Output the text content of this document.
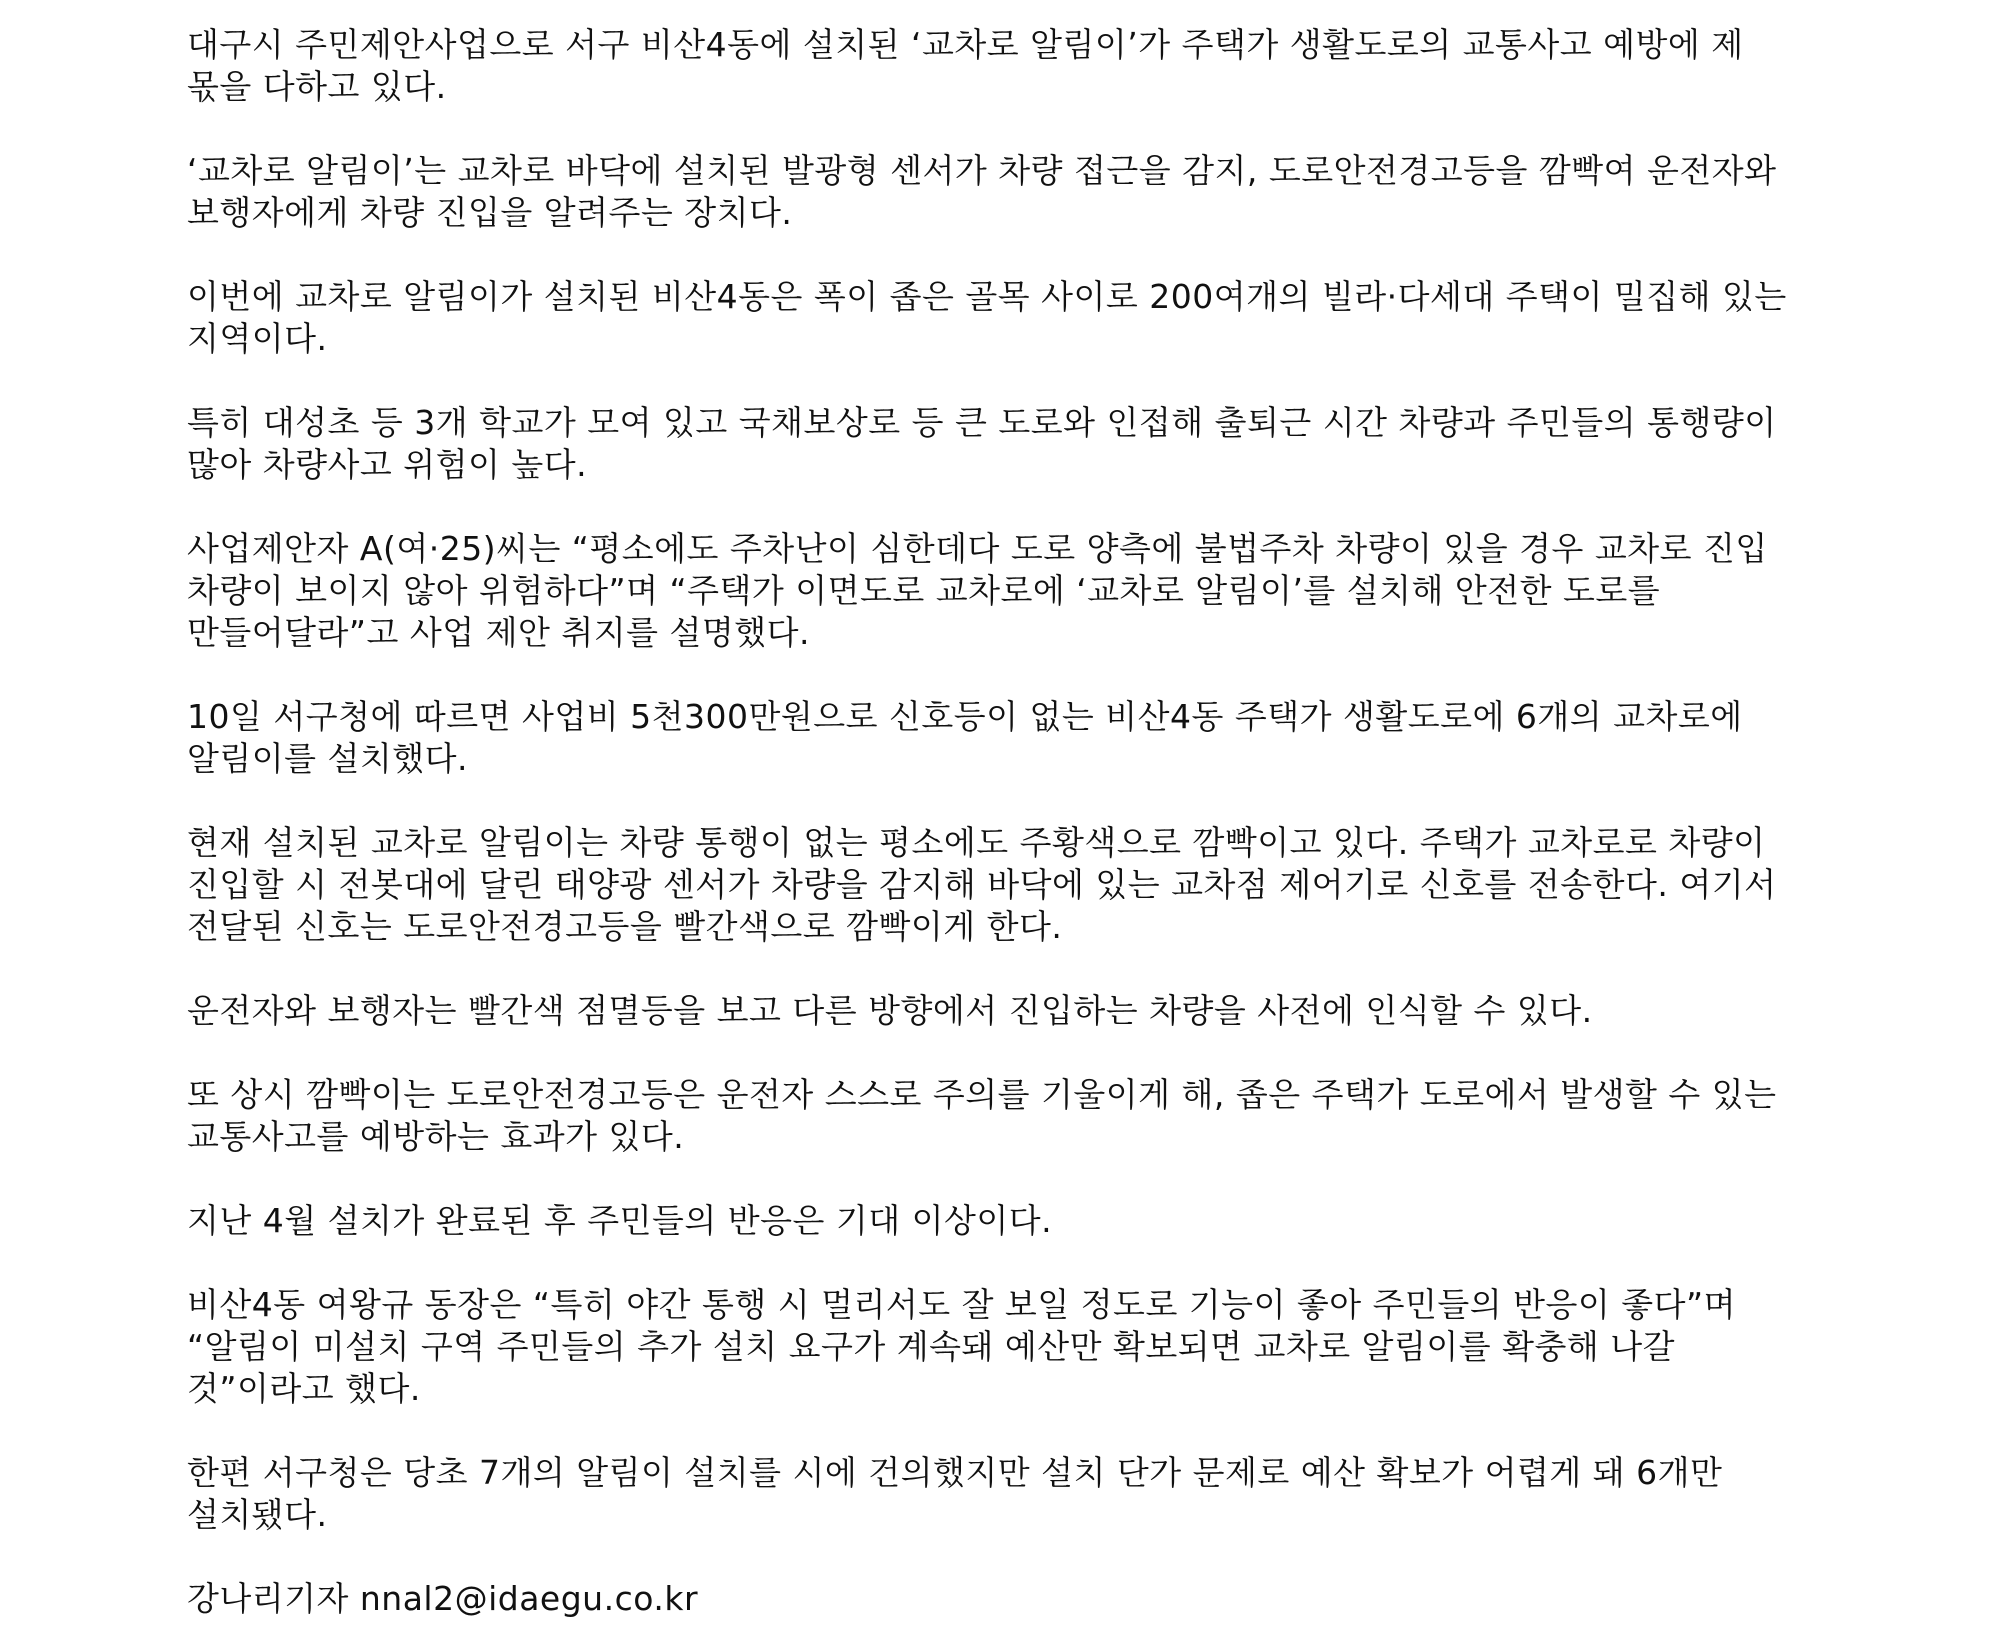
대구시 주민제안사업으로 서구 비산4동에 설치된 ‘교차로 알림이’가 주택가 생활도로의 교통사고 예방에 제 몫을 다하고 있다.

‘교차로 알림이’는 교차로 바닥에 설치된 발광형 센서가 차량 접근을 감지, 도로안전경고등을 깜빡여 운전자와 보행자에게 차량 진입을 알려주는 장치다.

이번에 교차로 알림이가 설치된 비산4동은 폭이 좁은 골목 사이로 200여개의 빌라·다세대 주택이 밀집해 있는 지역이다.

특히 대성초 등 3개 학교가 모여 있고 국채보상로 등 큰 도로와 인접해 출퇴근 시간 차량과 주민들의 통행량이 많아 차량사고 위험이 높다.

사업제안자 A(여·25)씨는 “평소에도 주차난이 심한데다 도로 양측에 불법주차 차량이 있을 경우 교차로 진입 차량이 보이지 않아 위험하다”며 “주택가 이면도로 교차로에 ‘교차로 알림이’를 설치해 안전한 도로를 만들어달라”고 사업 제안 취지를 설명했다.

10일 서구청에 따르면 사업비 5천300만원으로 신호등이 없는 비산4동 주택가 생활도로에 6개의 교차로에 알림이를 설치했다.

현재 설치된 교차로 알림이는 차량 통행이 없는 평소에도 주황색으로 깜빡이고 있다. 주택가 교차로로 차량이 진입할 시 전봇대에 달린 태양광 센서가 차량을 감지해 바닥에 있는 교차점 제어기로 신호를 전송한다. 여기서 전달된 신호는 도로안전경고등을 빨간색으로 깜빡이게 한다.

운전자와 보행자는 빨간색 점멸등을 보고 다른 방향에서 진입하는 차량을 사전에 인식할 수 있다.

또 상시 깜빡이는 도로안전경고등은 운전자 스스로 주의를 기울이게 해, 좁은 주택가 도로에서 발생할 수 있는 교통사고를 예방하는 효과가 있다.

지난 4월 설치가 완료된 후 주민들의 반응은 기대 이상이다.

비산4동 여왕규 동장은 “특히 야간 통행 시 멀리서도 잘 보일 정도로 기능이 좋아 주민들의 반응이 좋다”며 “알림이 미설치 구역 주민들의 추가 설치 요구가 계속돼 예산만 확보되면 교차로 알림이를 확충해 나갈 것”이라고 했다.

한편 서구청은 당초 7개의 알림이 설치를 시에 건의했지만 설치 단가 문제로 예산 확보가 어렵게 돼 6개만 설치됐다.

강나리기자 nnal2@idaegu.co.kr
